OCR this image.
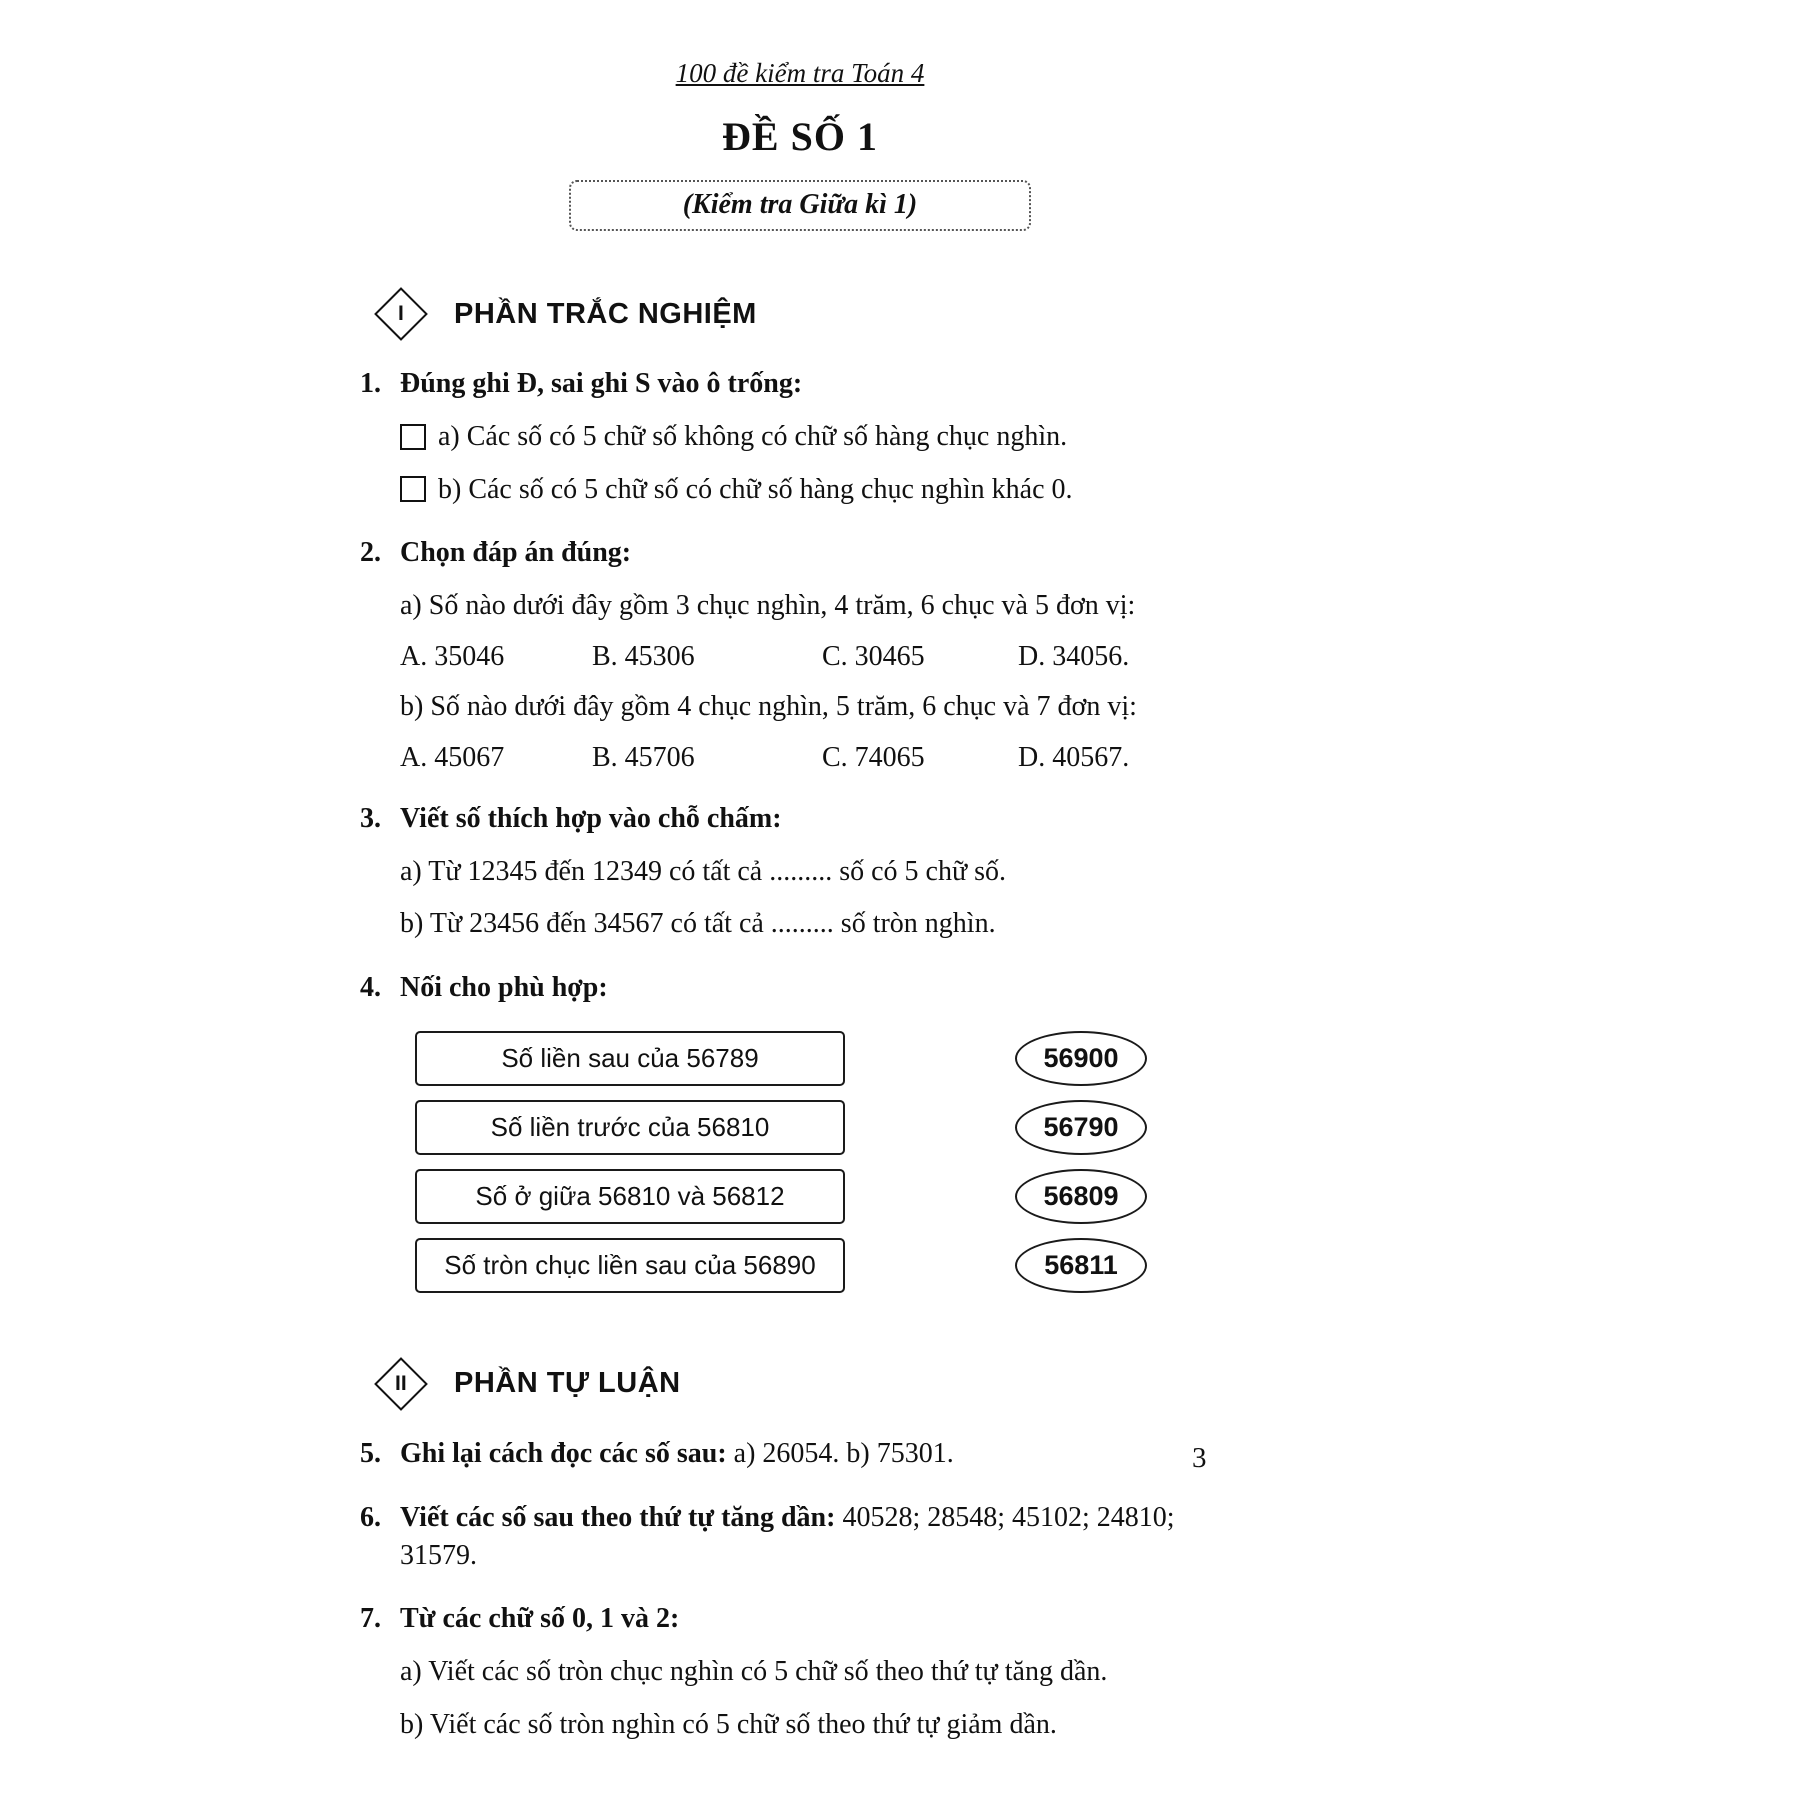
100 đề kiểm tra Toán 4
ĐỀ SỐ 1
(Kiểm tra Giữa kì 1)
I PHẦN TRẮC NGHIỆM
1. Đúng ghi Đ, sai ghi S vào ô trống:
a) Các số có 5 chữ số không có chữ số hàng chục nghìn.
b) Các số có 5 chữ số có chữ số hàng chục nghìn khác 0.
2. Chọn đáp án đúng:
a) Số nào dưới đây gồm 3 chục nghìn, 4 trăm, 6 chục và 5 đơn vị:
A. 35046	B. 45306	C. 30465	D. 34056.
b) Số nào dưới đây gồm 4 chục nghìn, 5 trăm, 6 chục và 7 đơn vị:
A. 45067	B. 45706	C. 74065	D. 40567.
3. Viết số thích hợp vào chỗ chấm:
a) Từ 12345 đến 12349 có tất cả ......... số có 5 chữ số.
b) Từ 23456 đến 34567 có tất cả ......... số tròn nghìn.
4. Nối cho phù hợp:
Số liền sau của 56789	56900
Số liền trước của 56810	56790
Số ở giữa 56810 và 56812	56809
Số tròn chục liền sau của 56890	56811
II PHẦN TỰ LUẬN
5. Ghi lại cách đọc các số sau: a) 26054. b) 75301.
6. Viết các số sau theo thứ tự tăng dần: 40528; 28548; 45102; 24810; 31579.
7. Từ các chữ số 0, 1 và 2:
a) Viết các số tròn chục nghìn có 5 chữ số theo thứ tự tăng dần.
b) Viết các số tròn nghìn có 5 chữ số theo thứ tự giảm dần.
3
